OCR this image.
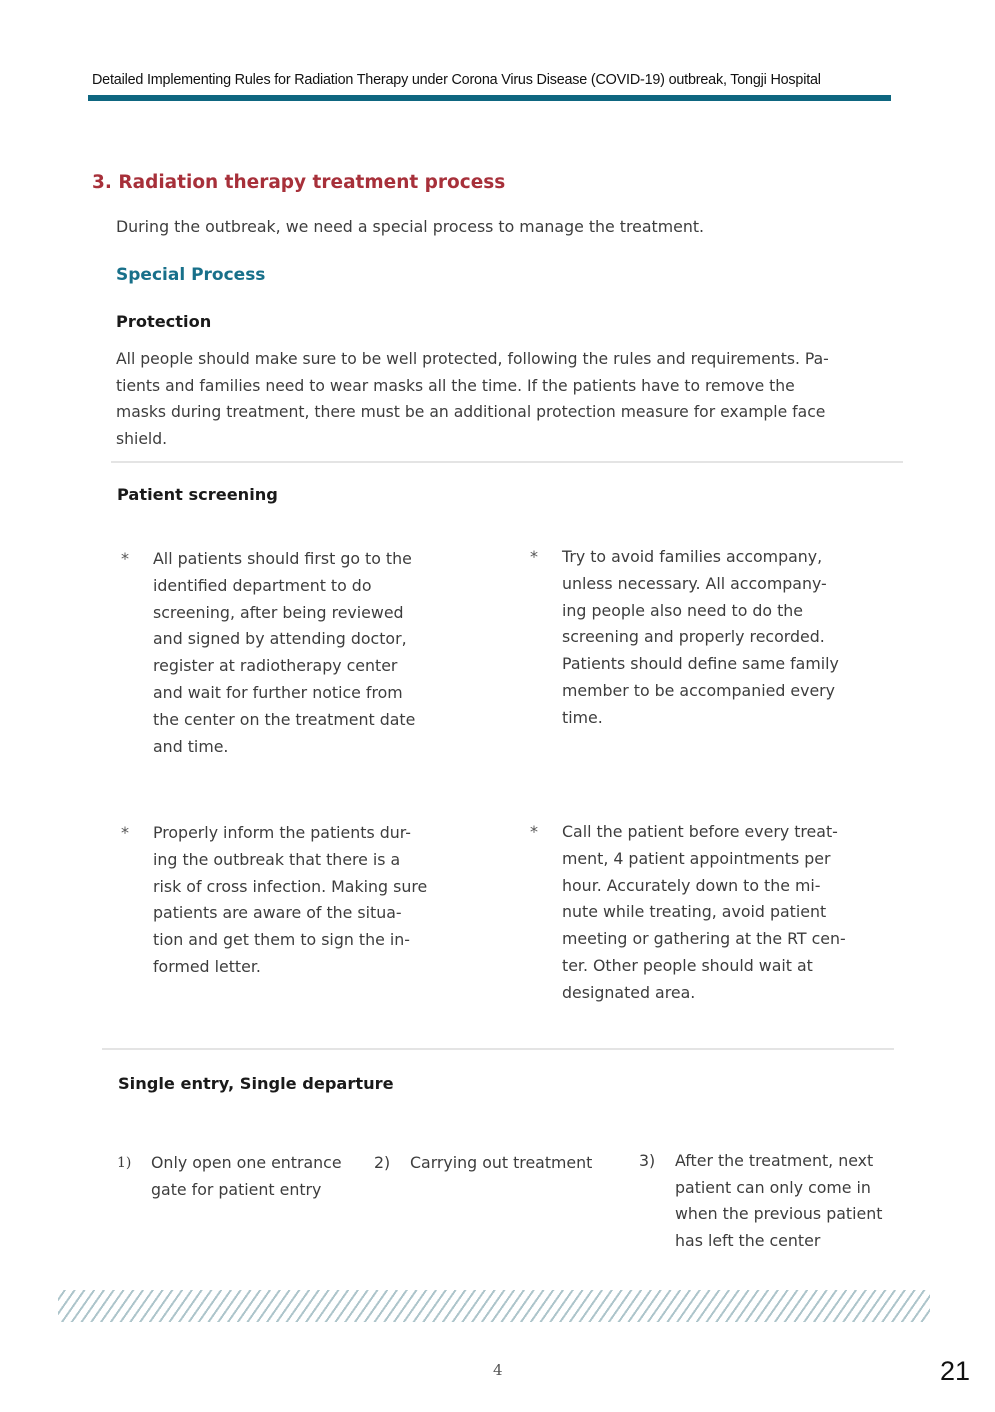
Detailed Implementing Rules for Radiation Therapy under Corona Virus Disease (COVID-19) outbreak, Tongji Hospital
3. Radiation therapy treatment process
During the outbreak, we need a special process to manage the treatment.
Special Process
Protection
All people should make sure to be well protected, following the rules and requirements. Pa-
tients and families need to wear masks all the time. If the patients have to remove the
masks during treatment, there must be an additional protection measure for example face
shield.
Patient screening
*	All patients should first go to the
identified department to do
screening, after being reviewed
and signed by attending doctor,
register at radiotherapy center
and wait for further notice from
the center on the treatment date
and time.
*	Try to avoid families accompany,
unless necessary. All accompany-
ing people also need to do the
screening and properly recorded.
Patients should define same family
member to be accompanied every
time.
*	Properly inform the patients dur-
ing the outbreak that there is a
risk of cross infection. Making sure
patients are aware of the situa-
tion and get them to sign the in-
formed letter.
*	Call the patient before every treat-
ment, 4 patient appointments per
hour. Accurately down to the mi-
nute while treating, avoid patient
meeting or gathering at the RT cen-
ter. Other people should wait at
designated area.
Single entry, Single departure
1) Only open one entrance
gate for patient entry
2) Carrying out treatment	3) After the treatment, next
patient can only come in
when the previous patient
has left the center
4	21
